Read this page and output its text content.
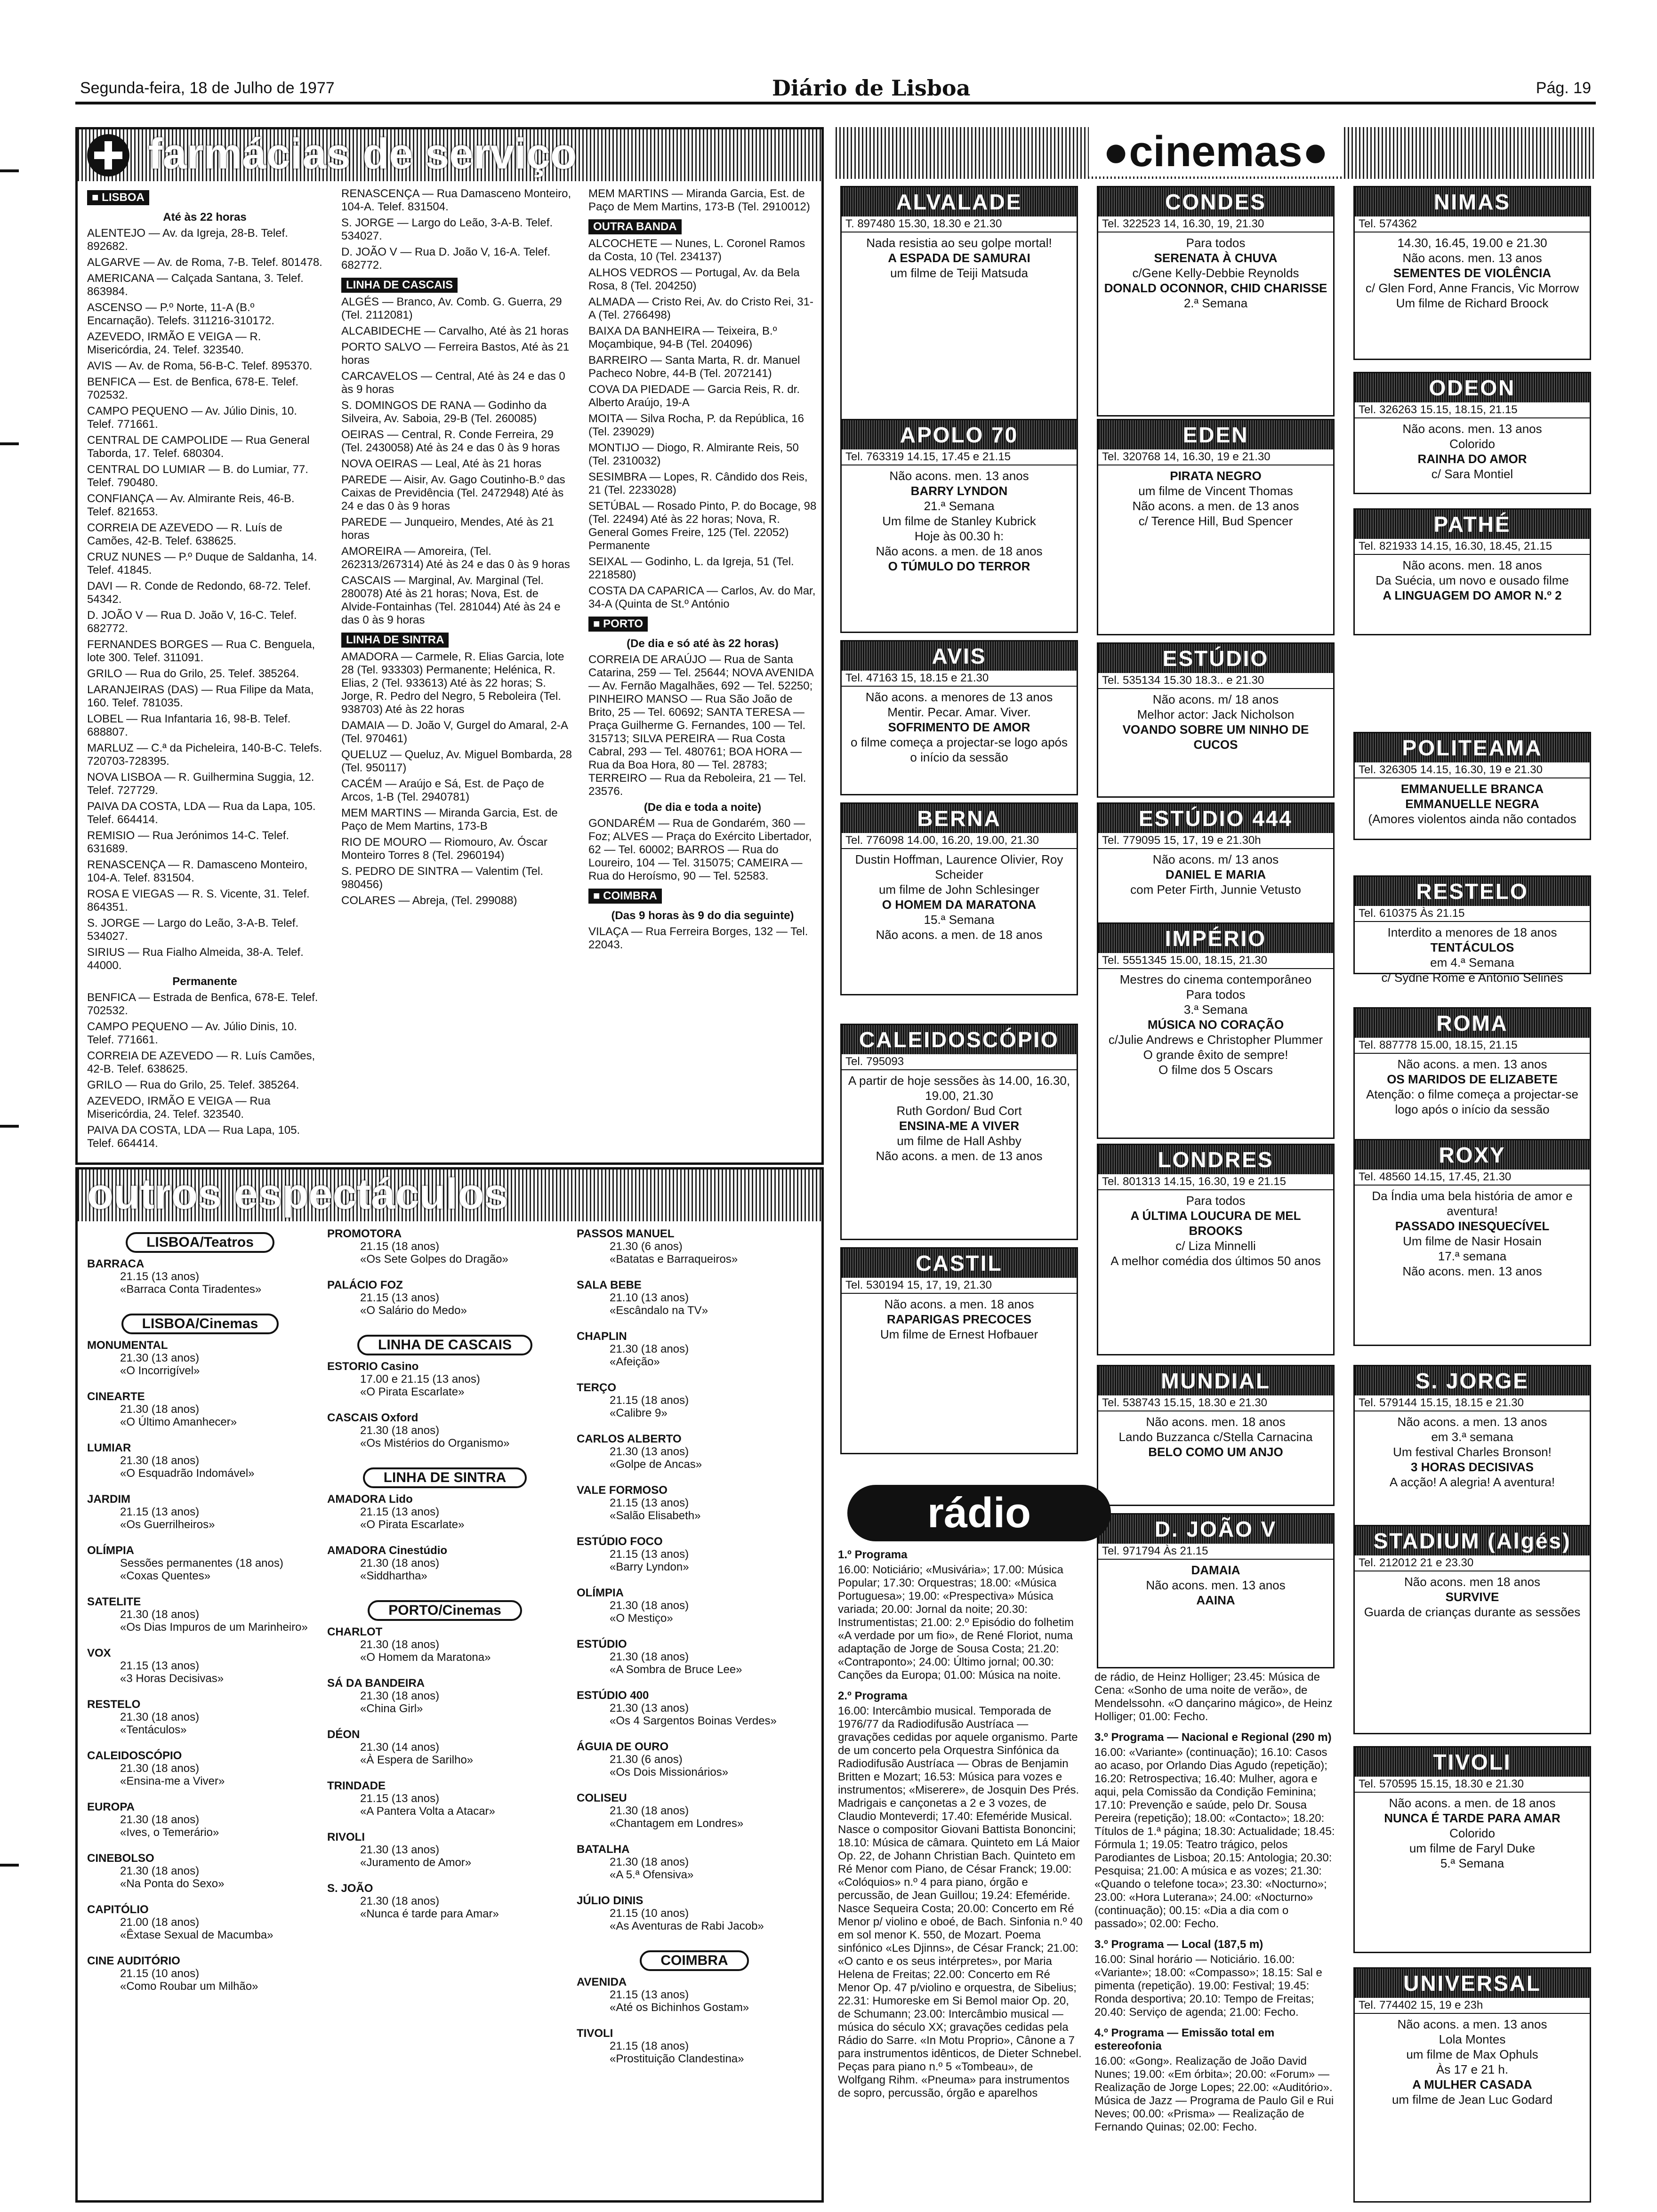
Segunda-feira, 18 de Julho de 1977	Diário de Lisboa	Pág. 19
farmácias de serviço
■ LISBOA
Até às 22 horas

ALENTEJO — Av. da Igreja, 28-B. Telef. 892682.

ALGARVE — Av. de Roma, 7-B. Telef. 801478.

AMERICANA — Calçada Santana, 3. Telef. 863984.

ASCENSO — P.º Norte, 11-A (B.º Encarnação). Telefs. 311216-310172.

AZEVEDO, IRMÃO E VEIGA — R. Misericórdia, 24. Telef. 323540.

AVIS — Av. de Roma, 56-B-C. Telef. 895370.

BENFICA — Est. de Benfica, 678-E. Telef. 702532.

CAMPO PEQUENO — Av. Júlio Dinis, 10. Telef. 771661.

CENTRAL DE CAMPOLIDE — Rua General Taborda, 17. Telef. 680304.

CENTRAL DO LUMIAR — B. do Lumiar, 77. Telef. 790480.

CONFIANÇA — Av. Almirante Reis, 46-B. Telef. 821653.

CORREIA DE AZEVEDO — R. Luís de Camões, 42-B. Telef. 638625.

CRUZ NUNES — P.º Duque de Saldanha, 14. Telef. 41845.

DAVI — R. Conde de Redondo, 68-72. Telef. 54342.

D. JOÃO V — Rua D. João V, 16-C. Telef. 682772.

FERNANDES BORGES — Rua C. Benguela, lote 300. Telef. 311091.

GRILO — Rua do Grilo, 25. Telef. 385264.

LARANJEIRAS (DAS) — Rua Filipe da Mata, 160. Telef. 781035.

LOBEL — Rua Infantaria 16, 98-B. Telef. 688807.

MARLUZ — C.ª da Picheleira, 140-B-C. Telefs. 720703-728395.

NOVA LISBOA — R. Guilhermina Suggia, 12. Telef. 727729.

PAIVA DA COSTA, LDA — Rua da Lapa, 105. Telef. 664414.

REMISIO — Rua Jerónimos 14-C. Telef. 631689.

RENASCENÇA — R. Damasceno Monteiro, 104-A. Telef. 831504.

ROSA E VIEGAS — R. S. Vicente, 31. Telef. 864351.

S. JORGE — Largo do Leão, 3-A-B. Telef. 534027.

SIRIUS — Rua Fialho Almeida, 38-A. Telef. 44000.

Permanente

BENFICA — Estrada de Benfica, 678-E. Telef. 702532.

CAMPO PEQUENO — Av. Júlio Dinis, 10. Telef. 771661.

CORREIA DE AZEVEDO — R. Luís Camões, 42-B. Telef. 638625.

GRILO — Rua do Grilo, 25. Telef. 385264.

AZEVEDO, IRMÃO E VEIGA — Rua Misericórdia, 24. Telef. 323540.

PAIVA DA COSTA, LDA — Rua Lapa, 105. Telef. 664414.

RENASCENÇA — Rua Damasceno Monteiro, 104-A. Telef. 831504.

S. JORGE — Largo do Leão, 3-A-B. Telef. 534027.

D. JOÃO V — Rua D. João V, 16-A. Telef. 682772.

LINHA DE CASCAIS

ALGÉS — Branco, Av. Comb. G. Guerra, 29 (Tel. 2112081)

ALCABIDECHE — Carvalho, Até às 21 horas

PORTO SALVO — Ferreira Bastos, Até às 21 horas

CARCAVELOS — Central, Até às 24 e das 0 às 9 horas

S. DOMINGOS DE RANA — Godinho da Silveira, Av. Saboia, 29-B (Tel. 260085)

OEIRAS — Central, R. Conde Ferreira, 29 (Tel. 2430058) Até às 24 e das 0 às 9 horas

NOVA OEIRAS — Leal, Até às 21 horas

PAREDE — Aisir, Av. Gago Coutinho-B.º das Caixas de Previdência (Tel. 2472948) Até às 24 e das 0 às 9 horas

PAREDE — Junqueiro, Mendes, Até às 21 horas

AMOREIRA — Amoreira, (Tel. 262313/267314) Até às 24 e das 0 às 9 horas

CASCAIS — Marginal, Av. Marginal (Tel. 280078) Até às 21 horas; Nova, Est. de Alvide-Fontainhas (Tel. 281044) Até às 24 e das 0 às 9 horas

LINHA DE SINTRA

AMADORA — Carmele, R. Elias Garcia, lote 28 (Tel. 933303) Permanente; Helénica, R. Elias, 2 (Tel. 933613) Até às 22 horas; S. Jorge, R. Pedro del Negro, 5 Reboleira (Tel. 938703) Até às 22 horas

DAMAIA — D. João V, Gurgel do Amaral, 2-A (Tel. 970461)

QUELUZ — Queluz, Av. Miguel Bombarda, 28 (Tel. 950117)

CACÉM — Araújo e Sá, Est. de Paço de Arcos, 1-B (Tel. 2940781)

MEM MARTINS — Miranda Garcia, Est. de Paço de Mem Martins, 173-B

RIO DE MOURO — Riomouro, Av. Óscar Monteiro Torres 8 (Tel. 2960194)

S. PEDRO DE SINTRA — Valentim (Tel. 980456)

COLARES — Abreja, (Tel. 299088)

MEM MARTINS — Miranda Garcia, Est. de Paço de Mem Martins, 173-B (Tel. 2910012)

OUTRA BANDA

ALCOCHETE — Nunes, L. Coronel Ramos da Costa, 10 (Tel. 234137)

ALHOS VEDROS — Portugal, Av. da Bela Rosa, 8 (Tel. 204250)

ALMADA — Cristo Rei, Av. do Cristo Rei, 31-A (Tel. 2766498)

BAIXA DA BANHEIRA — Teixeira, B.º Moçambique, 94-B (Tel. 204096)

BARREIRO — Santa Marta, R. dr. Manuel Pacheco Nobre, 44-B (Tel. 2072141)

COVA DA PIEDADE — Garcia Reis, R. dr. Alberto Araújo, 19-A

MOITA — Silva Rocha, P. da República, 16 (Tel. 239029)

MONTIJO — Diogo, R. Almirante Reis, 50 (Tel. 2310032)

SESIMBRA — Lopes, R. Cândido dos Reis, 21 (Tel. 2233028)

SETÚBAL — Rosado Pinto, P. do Bocage, 98 (Tel. 22494) Até às 22 horas; Nova, R. General Gomes Freire, 125 (Tel. 22052) Permanente

SEIXAL — Godinho, L. da Igreja, 51 (Tel. 2218580)

COSTA DA CAPARICA — Carlos, Av. do Mar, 34-A (Quinta de St.º António

■ PORTO
(De dia e só até às 22 horas)

CORREIA DE ARAÚJO — Rua de Santa Catarina, 259 — Tel. 25644; NOVA AVENIDA — Av. Fernão Magalhães, 692 — Tel. 52250; PINHEIRO MANSO — Rua São João de Brito, 25 — Tel. 60692; SANTA TERESA — Praça Guilherme G. Fernandes, 100 — Tel. 315713; SILVA PEREIRA — Rua Costa Cabral, 293 — Tel. 480761; BOA HORA — Rua da Boa Hora, 80 — Tel. 28783; TERREIRO — Rua da Reboleira, 21 — Tel. 23576.

(De dia e toda a noite)

GONDARÉM — Rua de Gondarém, 360 — Foz; ALVES — Praça do Exército Libertador, 62 — Tel. 60002; BARROS — Rua do Loureiro, 104 — Tel. 315075; CAMEIRA — Rua do Heroísmo, 90 — Tel. 52583.

■ COIMBRA
(Das 9 horas às 9 do dia seguinte)

VILAÇA — Rua Ferreira Borges, 132 — Tel. 22043.

outros espectáculos
LISBOA/Teatros
BARRACA
21.15 (13 anos)
«Barraca Conta Tiradentes»
LISBOA/Cinemas
MONUMENTAL
21.30 (13 anos)
«O Incorrigível»
CINEARTE
21.30 (18 anos)
«O Último Amanhecer»
LUMIAR
21.30 (18 anos)
«O Esquadrão Indomável»
JARDIM
21.15 (13 anos)
«Os Guerrilheiros»
OLÍMPIA
Sessões permanentes (18 anos)
«Coxas Quentes»
SATELITE
21.30 (18 anos)
«Os Dias Impuros de um Marinheiro»
VOX
21.15 (13 anos)
«3 Horas Decisivas»
RESTELO
21.30 (18 anos)
«Tentáculos»
CALEIDOSCÓPIO
21.30 (18 anos)
«Ensina-me a Viver»
EUROPA
21.30 (18 anos)
«Ives, o Temerário»
CINEBOLSO
21.30 (18 anos)
«Na Ponta do Sexo»
CAPITÓLIO
21.00 (18 anos)
«Êxtase Sexual de Macumba»
CINE AUDITÓRIO
21.15 (10 anos)
«Como Roubar um Milhão»
PROMOTORA
21.15 (18 anos)
«Os Sete Golpes do Dragão»
PALÁCIO FOZ
21.15 (13 anos)
«O Salário do Medo»
LINHA DE CASCAIS
ESTORIO Casino
17.00 e 21.15 (13 anos)
«O Pirata Escarlate»
CASCAIS Oxford
21.30 (18 anos)
«Os Mistérios do Organismo»
LINHA DE SINTRA
AMADORA Lido
21.15 (13 anos)
«O Pirata Escarlate»
AMADORA Cinestúdio
21.30 (18 anos)
«Siddhartha»
PORTO/Cinemas
CHARLOT
21.30 (18 anos)
«O Homem da Maratona»
SÁ DA BANDEIRA
21.30 (18 anos)
«China Girl»
DÉON
21.30 (14 anos)
«À Espera de Sarilho»
TRINDADE
21.15 (13 anos)
«A Pantera Volta a Atacar»
RIVOLI
21.30 (13 anos)
«Juramento de Amor»
S. JOÃO
21.30 (18 anos)
«Nunca é tarde para Amar»
PASSOS MANUEL
21.30 (6 anos)
«Batatas e Barraqueiros»
SALA BEBE
21.10 (13 anos)
«Escândalo na TV»
CHAPLIN
21.30 (18 anos)
«Afeição»
TERÇO
21.15 (18 anos)
«Calibre 9»
CARLOS ALBERTO
21.30 (13 anos)
«Golpe de Ancas»
VALE FORMOSO
21.15 (13 anos)
«Salão Elisabeth»
ESTÚDIO FOCO
21.15 (13 anos)
«Barry Lyndon»
OLÍMPIA
21.30 (18 anos)
«O Mestiço»
ESTÚDIO
21.30 (18 anos)
«A Sombra de Bruce Lee»
ESTÚDIO 400
21.30 (13 anos)
«Os 4 Sargentos Boinas Verdes»
ÁGUIA DE OURO
21.30 (6 anos)
«Os Dois Missionários»
COLISEU
21.30 (18 anos)
«Chantagem em Londres»
BATALHA
21.30 (18 anos)
«A 5.ª Ofensiva»
JÚLIO DINIS
21.15 (10 anos)
«As Aventuras de Rabi Jacob»
COIMBRA
AVENIDA
21.15 (13 anos)
«Até os Bichinhos Gostam»
TIVOLI
21.15 (18 anos)
«Prostituição Clandestina»
●cinemas●
ALVALADE
T. 897480 15.30, 18.30 e 21.30
Nada resistia ao seu golpe mortal!
A ESPADA DE SAMURAI
um filme de Teiji Matsuda
APOLO 70
Tel. 763319 14.15, 17.45 e 21.15
Não acons. men. 13 anos
BARRY LYNDON
21.ª Semana
Um filme de Stanley Kubrick
Hoje às 00.30 h:
Não acons. a men. de 18 anos
O TÚMULO DO TERROR
AVIS
Tel. 47163 15, 18.15 e 21.30
Não acons. a menores de 13 anos
Mentir. Pecar. Amar. Viver.
SOFRIMENTO DE AMOR
o filme começa a projectar-se logo após o início da sessão
BERNA
Tel. 776098 14.00, 16.20, 19.00, 21.30
Dustin Hoffman, Laurence Olivier, Roy Scheider
um filme de John Schlesinger
O HOMEM DA MARATONA
15.ª Semana
Não acons. a men. de 18 anos
CALEIDOSCÓPIO
Tel. 795093
A partir de hoje sessões às 14.00, 16.30, 19.00, 21.30
Ruth Gordon/ Bud Cort
ENSINA-ME A VIVER
um filme de Hall Ashby
Não acons. a men. de 13 anos
CASTIL
Tel. 530194 15, 17, 19, 21.30
Não acons. a men. 18 anos
RAPARIGAS PRECOCES
Um filme de Ernest Hofbauer
CONDES
Tel. 322523 14, 16.30, 19, 21.30
Para todos
SERENATA À CHUVA
c/Gene Kelly-Debbie Reynolds
DONALD OCONNOR, CHID CHARISSE
2.ª Semana
EDEN
Tel. 320768 14, 16.30, 19 e 21.30
PIRATA NEGRO
um filme de Vincent Thomas
Não acons. a men. de 13 anos
c/ Terence Hill, Bud Spencer
ESTÚDIO
Tel. 535134 15.30 18.3.. e 21.30
Não acons. m/ 18 anos
Melhor actor: Jack Nicholson
VOANDO SOBRE UM NINHO DE CUCOS
ESTÚDIO 444
Tel. 779095 15, 17, 19 e 21.30h
Não acons. m/ 13 anos
DANIEL E MARIA
com Peter Firth, Junnie Vetusto
IMPÉRIO
Tel. 5551345 15.00, 18.15, 21.30
Mestres do cinema contemporâneo
Para todos
3.ª Semana
MÚSICA NO CORAÇÃO
c/Julie Andrews e Christopher Plummer
O grande êxito de sempre!
O filme dos 5 Oscars
LONDRES
Tel. 801313 14.15, 16.30, 19 e 21.15
Para todos
A ÚLTIMA LOUCURA DE MEL BROOKS
c/ Liza Minnelli
A melhor comédia dos últimos 50 anos
MUNDIAL
Tel. 538743 15.15, 18.30 e 21.30
Não acons. men. 18 anos
Lando Buzzanca c/Stella Carnacina
BELO COMO UM ANJO
D. JOÃO V
Tel. 971794 Às 21.15
DAMAIA
Não acons. men. 13 anos
AAINA
NIMAS
Tel. 574362
14.30, 16.45, 19.00 e 21.30
Não acons. men. 13 anos
SEMENTES DE VIOLÊNCIA
c/ Glen Ford, Anne Francis, Vic Morrow
Um filme de Richard Broock
ODEON
Tel. 326263 15.15, 18.15, 21.15
Não acons. men. 13 anos
Colorido
RAINHA DO AMOR
c/ Sara Montiel
PATHÉ
Tel. 821933 14.15, 16.30, 18.45, 21.15
Não acons. men. 18 anos
Da Suécia, um novo e ousado filme
A LINGUAGEM DO AMOR N.º 2
POLITEAMA
Tel. 326305 14.15, 16.30, 19 e 21.30
EMMANUELLE BRANCA
EMMANUELLE NEGRA
(Amores violentos ainda não contados
RESTELO
Tel. 610375 Às 21.15
Interdito a menores de 18 anos
TENTÁCULOS
em 4.ª Semana
c/ Sydne Rome e António Selines
ROMA
Tel. 887778 15.00, 18.15, 21.15
Não acons. a men. 13 anos
OS MARIDOS DE ELIZABETE
Atenção: o filme começa a projectar-se logo após o início da sessão
ROXY
Tel. 48560 14.15, 17.45, 21.30
Da Índia uma bela história de amor e aventura!
PASSADO INESQUECÍVEL
Um filme de Nasir Hosain
17.ª semana
Não acons. men. 13 anos
S. JORGE
Tel. 579144 15.15, 18.15 e 21.30
Não acons. a men. 13 anos
em 3.ª semana
Um festival Charles Bronson!
3 HORAS DECISIVAS
A acção! A alegria! A aventura!
STADIUM (Algés)
Tel. 212012 21 e 23.30
Não acons. men 18 anos
SURVIVE
Guarda de crianças durante as sessões
TIVOLI
Tel. 570595 15.15, 18.30 e 21.30
Não acons. a men. de 18 anos
NUNCA É TARDE PARA AMAR
Colorido
um filme de Faryl Duke
5.ª Semana
UNIVERSAL
Tel. 774402 15, 19 e 23h
Não acons. a men. 13 anos
Lola Montes
um filme de Max Ophuls
Às 17 e 21 h.
A MULHER CASADA
um filme de Jean Luc Godard
rádio

1.º Programa

16.00: Noticiário; «Musivária»; 17.00: Música Popular; 17.30: Orquestras; 18.00: «Música Portuguesa»; 19.00: «Prespectiva» Música variada; 20.00: Jornal da noite; 20.30: Instrumentistas; 21.00: 2.º Episódio do folhetim «A verdade por um fio», de René Floriot, numa adaptação de Jorge de Sousa Costa; 21.20: «Contraponto»; 24.00: Último jornal; 00.30: Canções da Europa; 01.00: Música na noite.

2.º Programa

16.00: Intercâmbio musical. Temporada de 1976/77 da Radiodifusão Austríaca — gravações cedidas por aquele organismo. Parte de um concerto pela Orquestra Sinfónica da Radiodifusão Austríaca — Obras de Benjamin Britten e Mozart; 16.53: Música para vozes e instrumentos; «Miserere», de Josquin Des Prés. Madrigais e cançonetas a 2 e 3 vozes, de Claudio Monteverdi; 17.40: Efeméride Musical. Nasce o compositor Giovani Battista Bononcini; 18.10: Música de câmara. Quinteto em Lá Maior Op. 22, de Johann Christian Bach. Quinteto em Ré Menor com Piano, de César Franck; 19.00: «Colóquios» n.º 4 para piano, órgão e percussão, de Jean Guillou; 19.24: Efeméride. Nasce Sequeira Costa; 20.00: Concerto em Ré Menor p/ violino e oboé, de Bach. Sinfonia n.º 40 em sol menor K. 550, de Mozart. Poema sinfónico «Les Djinns», de César Franck; 21.00: «O canto e os seus intérpretes», por Maria Helena de Freitas; 22.00: Concerto em Ré Menor Op. 47 p/violino e orquestra, de Sibelius; 22.31: Humoreske em Si Bemol maior Op. 20, de Schumann; 23.00: Intercâmbio musical — música do século XX; gravações cedidas pela Rádio do Sarre. «In Motu Proprio», Cânone a 7 para instrumentos idênticos, de Dieter Schnebel. Peças para piano n.º 5 «Tombeau», de Wolfgang Rihm. «Pneuma» para instrumentos de sopro, percussão, órgão e aparelhos

de rádio, de Heinz Holliger; 23.45: Música de Cena: «Sonho de uma noite de verão», de Mendelssohn. «O dançarino mágico», de Heinz Holliger; 01.00: Fecho.

3.º Programa — Nacional e Regional (290 m)

16.00: «Variante» (continuação); 16.10: Casos ao acaso, por Orlando Dias Agudo (repetição); 16.20: Retrospectiva; 16.40: Mulher, agora e aqui, pela Comissão da Condição Feminina; 17.10: Prevenção e saúde, pelo Dr. Sousa Pereira (repetição); 18.00: «Contacto»; 18.20: Títulos de 1.ª página; 18.30: Actualidade; 18.45: Fórmula 1; 19.05: Teatro trágico, pelos Parodiantes de Lisboa; 20.15: Antologia; 20.30: Pesquisa; 21.00: A música e as vozes; 21.30: «Quando o telefone toca»; 23.30: «Nocturno»; 23.00: «Hora Luterana»; 24.00: «Nocturno» (continuação); 00.15: «Dia a dia com o passado»; 02.00: Fecho.

3.º Programa — Local (187,5 m)

16.00: Sinal horário — Noticiário. 16.00: «Variante»; 18.00: «Compasso»; 18.15: Sal e pimenta (repetição). 19.00: Festival; 19.45: Ronda desportiva; 20.10: Tempo de Freitas; 20.40: Serviço de agenda; 21.00: Fecho.

4.º Programa — Emissão total em estereofonia

16.00: «Gong». Realização de João David Nunes; 19.00: «Em órbita»; 20.00: «Forum» — Realização de Jorge Lopes; 22.00: «Auditório». Música de Jazz — Programa de Paulo Gil e Rui Neves; 00.00: «Prisma» — Realização de Fernando Quinas; 02.00: Fecho.
